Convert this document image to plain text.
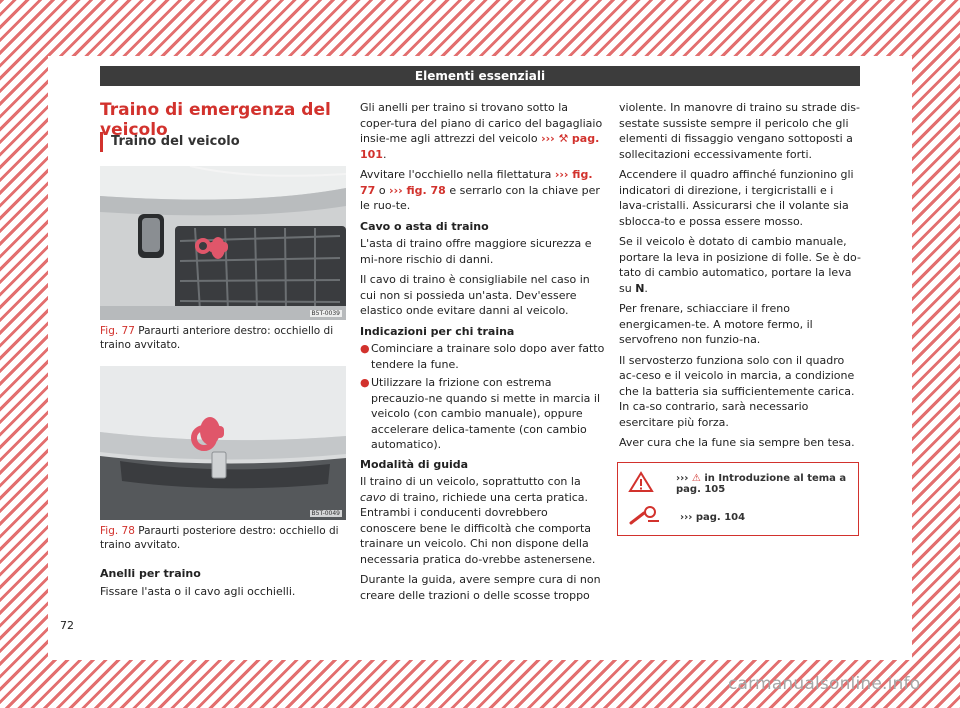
Elementi essenziali
Traino di emergenza del veicolo
Traino del veicolo
B5T-0039
Fig. 77 Paraurti anteriore destro: occhiello di traino avvitato.
B5T-0049
Fig. 78 Paraurti posteriore destro: occhiello di traino avvitato.

Anelli per traino

Fissare l'asta o il cavo agli occhielli.

Gli anelli per traino si trovano sotto la coper-tura del piano di carico del bagagliaio insie-me agli attrezzi del veicolo ››› ⚒ pag. 101.

Avvitare l'occhiello nella filettatura ››› fig. 77 o ››› fig. 78 e serrarlo con la chiave per le ruo-te.

Cavo o asta di traino

L'asta di traino offre maggiore sicurezza e mi-nore rischio di danni.

Il cavo di traino è consigliabile nel caso in cui non si possieda un'asta. Dev'essere elastico onde evitare danni al veicolo.

Indicazioni per chi traina

● Cominciare a trainare solo dopo aver fatto tendere la fune.
● Utilizzare la frizione con estrema precauzio-ne quando si mette in marcia il veicolo (con cambio manuale), oppure accelerare delica-tamente (con cambio automatico).

Modalità di guida

Il traino di un veicolo, soprattutto con la cavo di traino, richiede una certa pratica. Entrambi i conducenti dovrebbero conoscere bene le difficoltà che comporta trainare un veicolo. Chi non dispone della necessaria pratica do-vrebbe astenersene.

Durante la guida, avere sempre cura di non creare delle trazioni o delle scosse troppo

violente. In manovre di traino su strade dis-sestate sussiste sempre il pericolo che gli elementi di fissaggio vengano sottoposti a sollecitazioni eccessivamente forti.

Accendere il quadro affinché funzionino gli indicatori di direzione, i tergicristalli e i lava-cristalli. Assicurarsi che il volante sia sblocca-to e possa essere mosso.

Se il veicolo è dotato di cambio manuale, portare la leva in posizione di folle. Se è do-tato di cambio automatico, portare la leva su N.

Per frenare, schiacciare il freno energicamen-te. A motore fermo, il servofreno non funzio-na.

Il servosterzo funziona solo con il quadro ac-ceso e il veicolo in marcia, a condizione che la batteria sia sufficientemente carica. In ca-so contrario, sarà necessario esercitare più forza.

Aver cura che la fune sia sempre ben tesa.

››› ⚠ in Introduzione al tema a pag. 105
››› pag. 104
72
carmanualsonline.info
